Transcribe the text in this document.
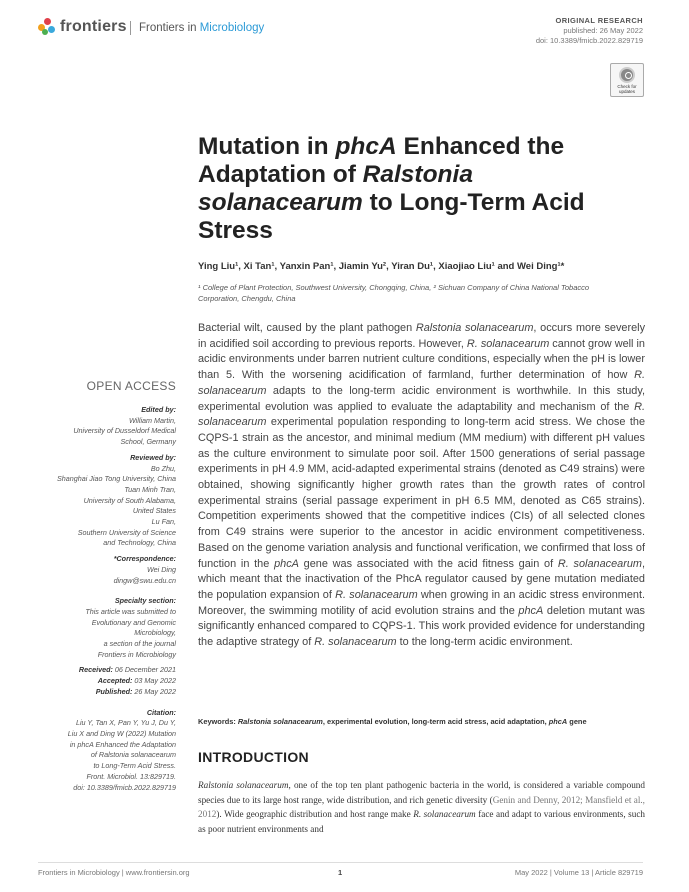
frontiers	Frontiers in Microbiology
ORIGINAL RESEARCH
published: 26 May 2022
doi: 10.3389/fmicb.2022.829719
Check for
updates
Mutation in phcA Enhanced the Adaptation of Ralstonia solanacearum to Long-Term Acid Stress
Ying Liu¹, Xi Tan¹, Yanxin Pan¹, Jiamin Yu², Yiran Du¹, Xiaojiao Liu¹ and Wei Ding¹*
¹ College of Plant Protection, Southwest University, Chongqing, China, ² Sichuan Company of China National Tobacco Corporation, Chengdu, China

Bacterial wilt, caused by the plant pathogen Ralstonia solanacearum, occurs more severely in acidified soil according to previous reports. However, R. solanacearum cannot grow well in acidic environments under barren nutrient culture conditions, especially when the pH is lower than 5. With the worsening acidification of farmland, further determination of how R. solanacearum adapts to the long-term acidic environment is worthwhile. In this study, experimental evolution was applied to evaluate the adaptability and mechanism of the R. solanacearum experimental population responding to long-term acid stress. We chose the CQPS-1 strain as the ancestor, and minimal medium (MM medium) with different pH values as the culture environment to simulate poor soil. After 1500 generations of serial passage experiments in pH 4.9 MM, acid-adapted experimental strains (denoted as C49 strains) were obtained, showing significantly higher growth rates than the growth rates of control experimental strains (serial passage experiment in pH 6.5 MM, denoted as C65 strains). Competition experiments showed that the competitive indices (CIs) of all selected clones from C49 strains were superior to the ancestor in acidic environment competitiveness. Based on the genome variation analysis and functional verification, we confirmed that loss of function in the phcA gene was associated with the acid fitness gain of R. solanacearum, which meant that the inactivation of the PhcA regulator caused by gene mutation mediated the population expansion of R. solanacearum when growing in an acidic stress environment. Moreover, the swimming motility of acid evolution strains and the phcA deletion mutant was significantly enhanced compared to CQPS-1. This work provided evidence for understanding the adaptive strategy of R. solanacearum to the long-term acidic environment.

Keywords: Ralstonia solanacearum, experimental evolution, long-term acid stress, acid adaptation, phcA gene
INTRODUCTION

Ralstonia solanacearum, one of the top ten plant pathogenic bacteria in the world, is considered a variable compound species due to its large host range, wide distribution, and rich genetic diversity (Genin and Denny, 2012; Mansfield et al., 2012). Wide geographic distribution and host range make R. solanacearum face and adapt to various environments, such as poor nutrient environments and

OPEN ACCESS
Edited by:
William Martin,
University of Dusseldorf Medical
School, Germany
Reviewed by:
Bo Zhu,
Shanghai Jiao Tong University, China
Tuan Minh Tran,
University of South Alabama,
United States
Lu Fan,
Southern University of Science
and Technology, China
*Correspondence:
Wei Ding
dingw@swu.edu.cn
Specialty section:
This article was submitted to
Evolutionary and Genomic
Microbiology,
a section of the journal
Frontiers in Microbiology
Received: 06 December 2021
Accepted: 03 May 2022
Published: 26 May 2022
Citation:
Liu Y, Tan X, Pan Y, Yu J, Du Y,
Liu X and Ding W (2022) Mutation
in phcA Enhanced the Adaptation
of Ralstonia solanacearum
to Long-Term Acid Stress.
Front. Microbiol. 13:829719.
doi: 10.3389/fmicb.2022.829719
Frontiers in Microbiology | www.frontiersin.org	1	May 2022 | Volume 13 | Article 829719
